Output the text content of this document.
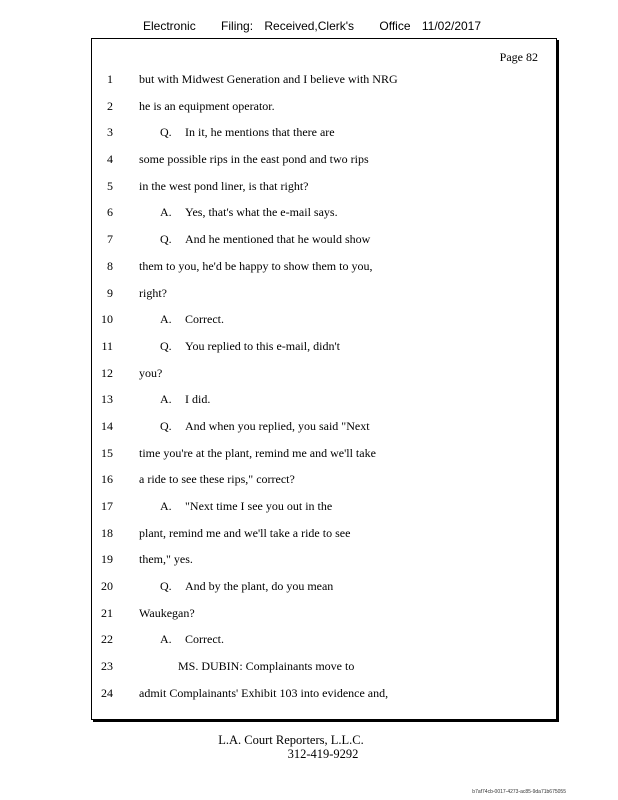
Electronic Filing: Received,Clerk's Office 11/02/2017
Page 82
1 but with Midwest Generation and I believe with NRG
2 he is an equipment operator.
3	Q. In it, he mentions that there are
4 some possible rips in the east pond and two rips
5 in the west pond liner, is that right?
6	A. Yes, that's what the e-mail says.
7	Q. And he mentioned that he would show
8 them to you, he'd be happy to show them to you,
9 right?
10	A. Correct.
11	Q. You replied to this e-mail, didn't
12 you?
13	A. I did.
14	Q. And when you replied, you said "Next
15 time you're at the plant, remind me and we'll take
16 a ride to see these rips," correct?
17	A. "Next time I see you out in the
18 plant, remind me and we'll take a ride to see
19 them," yes.
20	Q. And by the plant, do you mean
21 Waukegan?
22	A. Correct.
23	MS. DUBIN: Complainants move to
24 admit Complainants' Exhibit 103 into evidence and,
L.A. Court Reporters, L.L.C.
312-419-9292
b7af74cb-0017-4273-ac85-9da71b675055
